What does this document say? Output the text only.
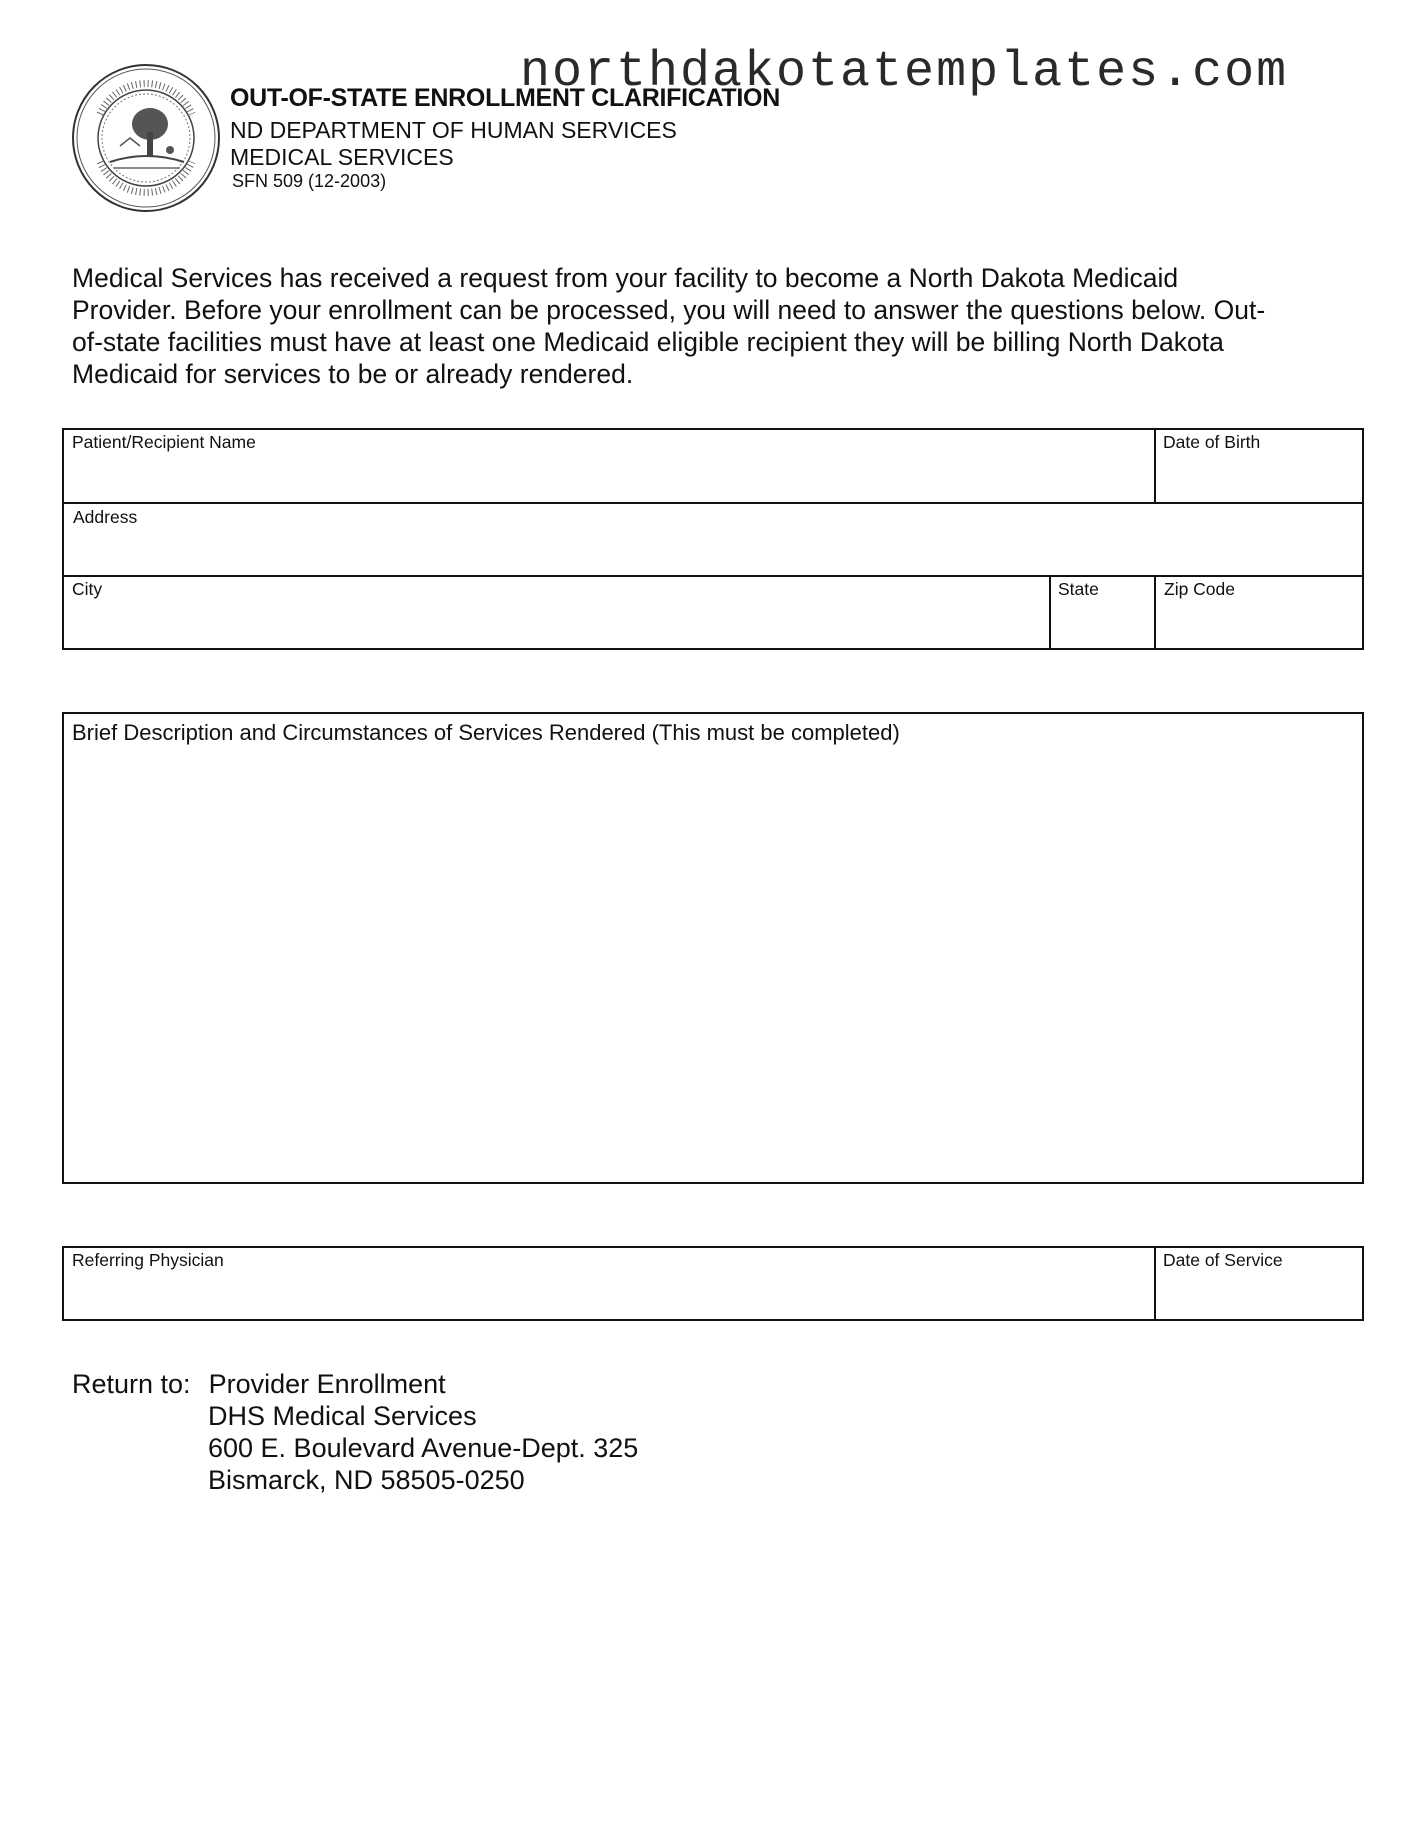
northdakotatemplates.com
OUT-OF-STATE ENROLLMENT CLARIFICATION
ND DEPARTMENT OF HUMAN SERVICES
MEDICAL SERVICES
SFN 509 (12-2003)

Medical Services has received a request from your facility to become a North Dakota Medicaid

Provider. Before your enrollment can be processed, you will need to answer the questions below. Out-

of-state facilities must have at least one Medicaid eligible recipient they will be billing North Dakota

Medicaid for services to be or already rendered.

Patient/Recipient Name	Date of Birth
Address
City	State	Zip Code
Brief Description and Circumstances of Services Rendered (This must be completed)
Referring Physician	Date of Service
Return to: Provider Enrollment
DHS Medical Services
600 E. Boulevard Avenue-Dept. 325
Bismarck, ND 58505-0250
